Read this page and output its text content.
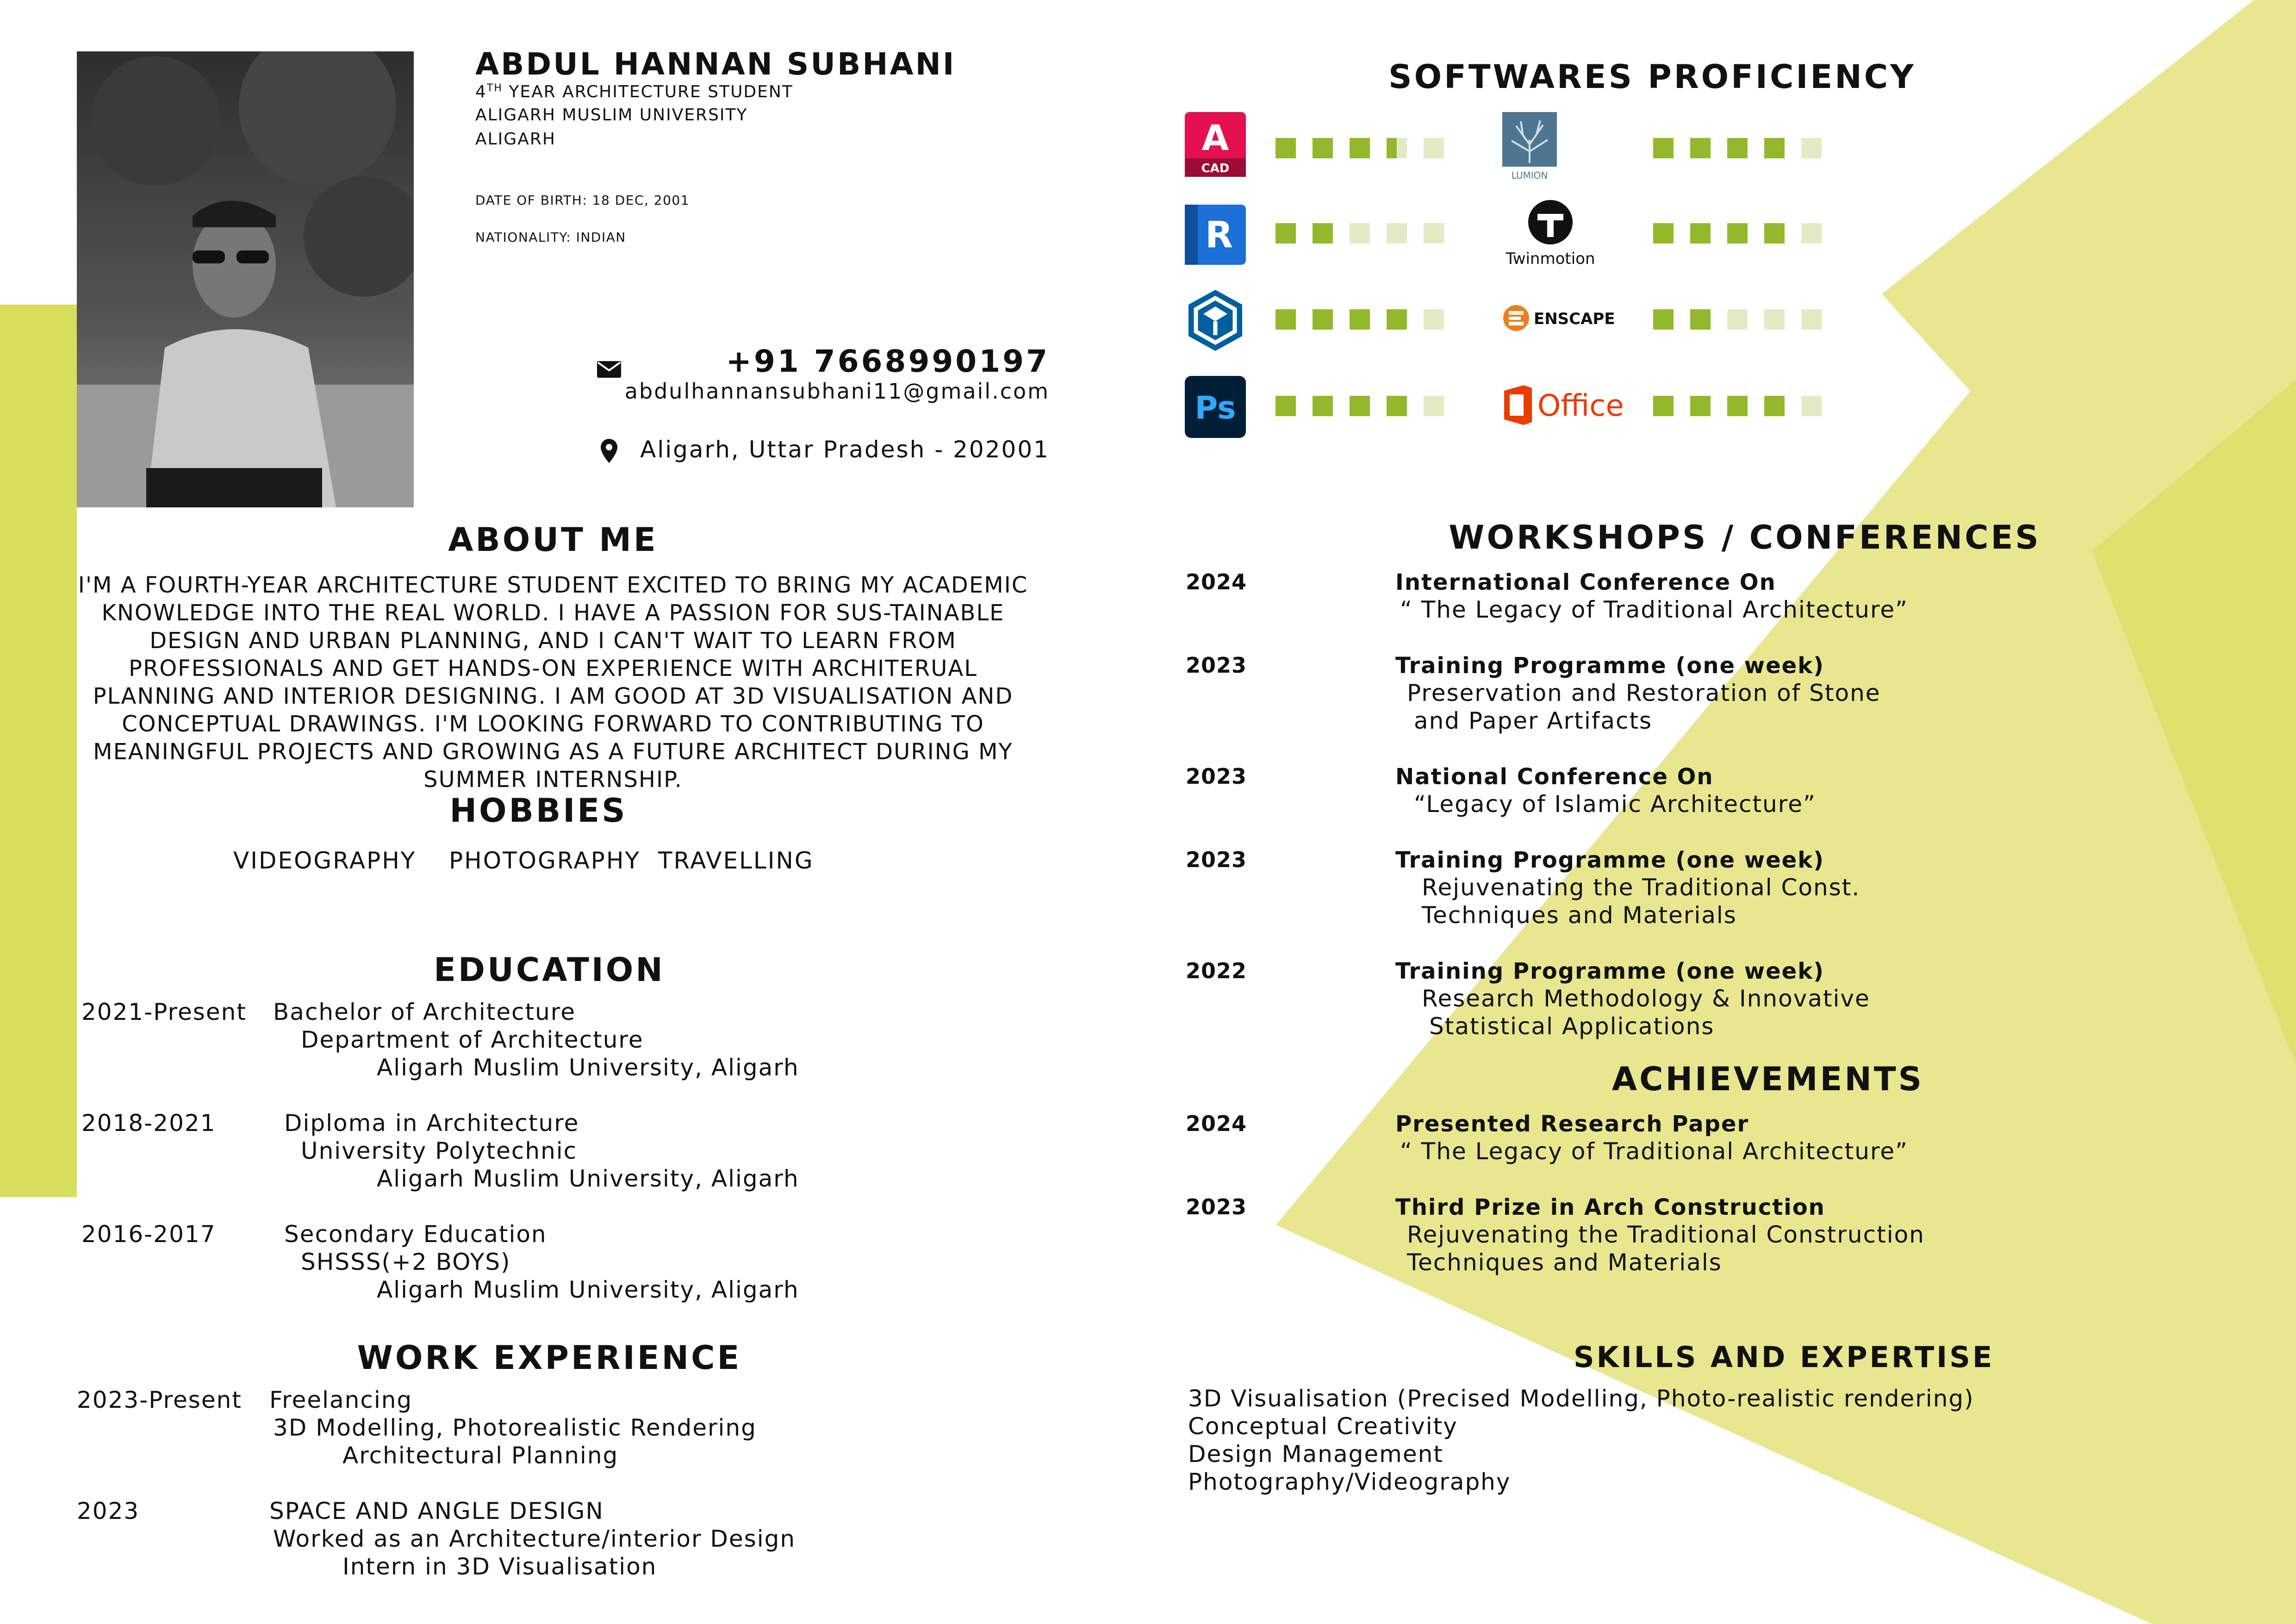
ABDUL HANNAN SUBHANI
4TH YEAR ARCHITECTURE STUDENT
ALIGARH MUSLIM UNIVERSITY
ALIGARH
DATE OF BIRTH: 18 DEC, 2001
NATIONALITY: INDIAN
+91 7668990197
abdulhannansubhani11@gmail.com
Aligarh, Uttar Pradesh - 202001
ABOUT ME
I'M A FOURTH-YEAR ARCHITECTURE STUDENT EXCITED TO BRING MY ACADEMIC KNOWLEDGE INTO THE REAL WORLD. I HAVE A PASSION FOR SUS-TAINABLE DESIGN AND URBAN PLANNING, AND I CAN'T WAIT TO LEARN FROM PROFESSIONALS AND GET HANDS-ON EXPERIENCE WITH ARCHITERUAL PLANNING AND INTERIOR DESIGNING. I AM GOOD AT 3D VISUALISATION AND CONCEPTUAL DRAWINGS. I'M LOOKING FORWARD TO CONTRIBUTING TO MEANINGFUL PROJECTS AND GROWING AS A FUTURE ARCHITECT DURING MY SUMMER INTERNSHIP.
HOBBIES
VIDEOGRAPHY PHOTOGRAPHY TRAVELLING
EDUCATION
2021-Present Bachelor of Architecture
Department of Architecture
Aligarh Muslim University, Aligarh
2018-2021	Diploma in Architecture
University Polytechnic
Aligarh Muslim University, Aligarh
2016-2017	Secondary Education
SHSSS(+2 BOYS)
Aligarh Muslim University, Aligarh
WORK EXPERIENCE
2023-Present Freelancing
3D Modelling, Photorealistic Rendering
Architectural Planning
2023	SPACE AND ANGLE DESIGN
Worked as an Architecture/interior Design
Intern in 3D Visualisation
SOFTWARES PROFICIENCY
A
CAD	LUMION
R
Twinmotion
ENSCAPE
Ps	Office
WORKSHOPS / CONFERENCES
2024	International Conference On
“ The Legacy of Traditional Architecture”
2023	Training Programme (one week)
Preservation and Restoration of Stone
and Paper Artifacts
2023	National Conference On
“Legacy of Islamic Architecture”
2023	Training Programme (one week)
Rejuvenating the Traditional Const.
Techniques and Materials
2022	Training Programme (one week)
Research Methodology & Innovative
Statistical Applications
ACHIEVEMENTS
2024	Presented Research Paper
“ The Legacy of Traditional Architecture”
2023	Third Prize in Arch Construction
Rejuvenating the Traditional Construction
Techniques and Materials
SKILLS AND EXPERTISE
3D Visualisation (Precised Modelling, Photo-realistic rendering)
Conceptual Creativity
Design Management
Photography/Videography
